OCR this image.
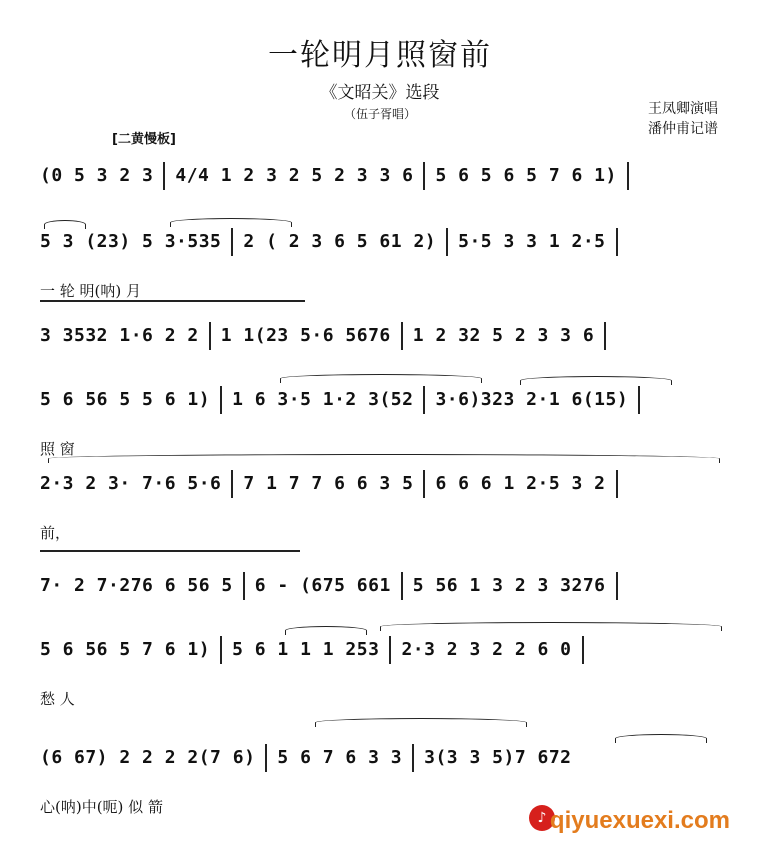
一轮明月照窗前
《文昭关》选段
（伍子胥唱）	王凤卿演唱
潘仲甫记谱
[二黄慢板]
(0 5 3 2 3 4/4 1 2 3 2 5 2 3 3 6 5 6 5 6 5 7 6 1)
5 3 (23) 5 3·535 2 ( 2 3 6 5 61 2) 5·5 3 3 1 2·5
一 轮 明(呐) 月
3 3532 1·6 2 2 1 1(23 5·6 5676 1 2 32 5 2 3 3 6
5 6 56 5 5 6 1) 1 6 3·5 1·2 3(52 3·6)323 2·1 6(15)
照 窗
2·3 2 3· 7·6 5·6 7 1 7 7 6 6 3 5 6 6 6 1 2·5 3 2
前，
7· 2 7·276 6 56 5 6 - (675 661 5 56 1 3 2 3 3276
5 6 56 5 7 6 1) 5 6 1 1 1 253 2·3 2 3 2 2 6 0
愁 人
(6 67) 2 2 2 2(7 6) 5 6 7 6 3 3 3(3 3 5)7 672
心(呐)中(呃) 似 箭
♪ qiyuexuexi.com
